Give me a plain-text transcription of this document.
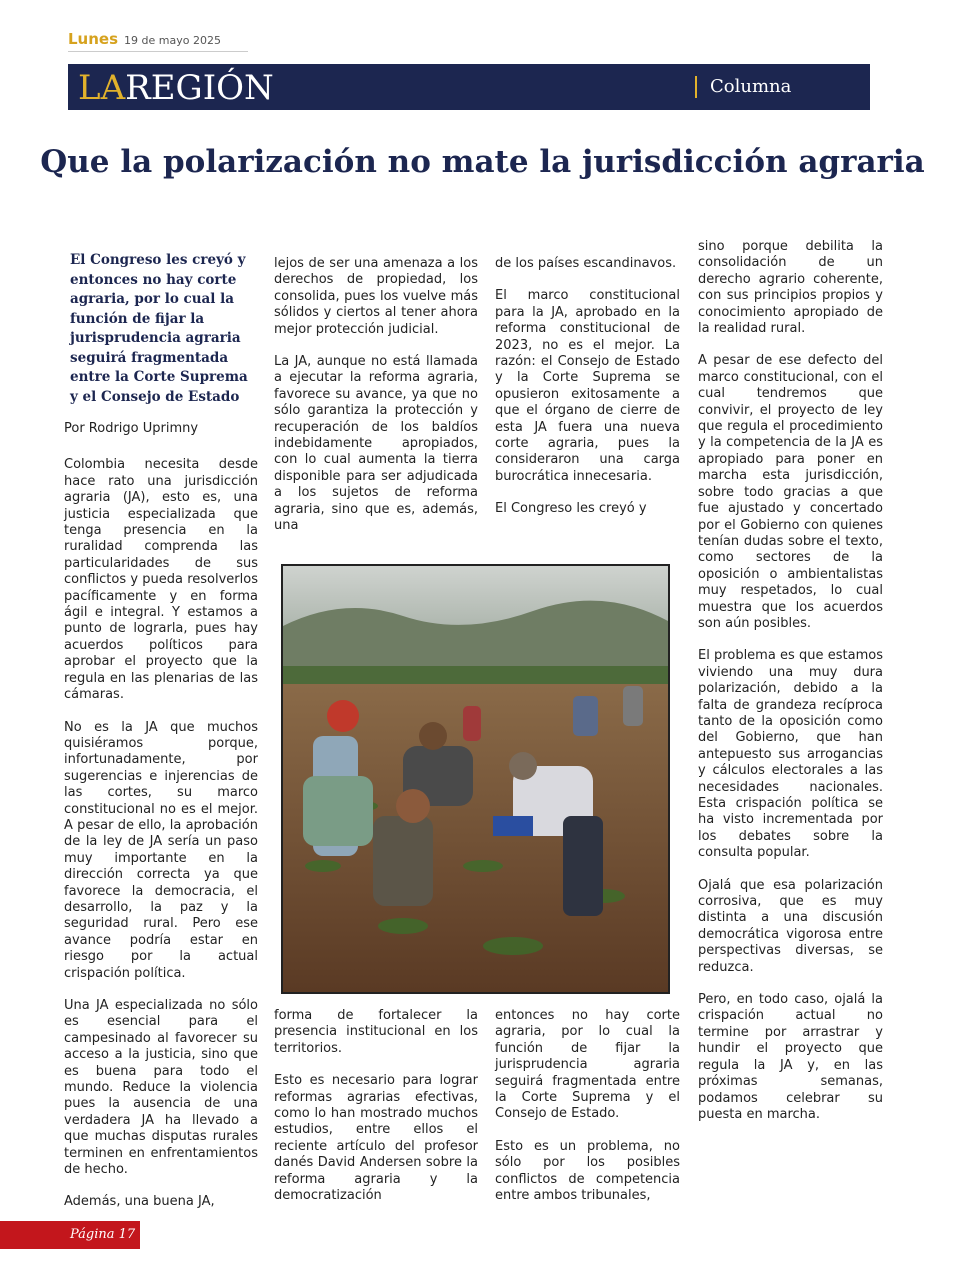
Lunes 19 de mayo 2025
LAREGIÓN	Columna
Que la polarización no mate la jurisdicción agraria

El Congreso les creyó y entonces no hay corte agraria, por lo cual la función de fijar la jurisprudencia agraria seguirá fragmentada entre la Corte Suprema y el Consejo de Estado

Por Rodrigo Uprimny

Colombia necesita desde hace rato una jurisdicción agraria (JA), esto es, una justicia especializada que tenga presencia en la ruralidad comprenda las particularidades de sus conflictos y pueda resolverlos pacíficamente y en forma ágil e integral. Y estamos a punto de lograrla, pues hay acuerdos políticos para aprobar el proyecto que la regula en las plenarias de las cámaras.

No es la JA que muchos quisiéramos porque, infortunadamente, por sugerencias e injerencias de las cortes, su marco constitucional no es el mejor. A pesar de ello, la aprobación de la ley de JA sería un paso muy importante en la dirección correcta ya que favorece la democracia, el desarrollo, la paz y la seguridad rural. Pero ese avance podría estar en riesgo por la actual crispación política.

Una JA especializada no sólo es esencial para el campesinado al favorecer su acceso a la justicia, sino que es buena para todo el mundo. Reduce la violencia pues la ausencia de una verdadera JA ha llevado a que muchas disputas rurales terminen en enfrentamientos de hecho.

Además, una buena JA,

lejos de ser una amenaza a los derechos de propiedad, los consolida, pues los vuelve más sólidos y ciertos al tener ahora mejor protección judicial.

La JA, aunque no está llamada a ejecutar la reforma agraria, favorece su avance, ya que no sólo garantiza la protección y recuperación de los baldíos indebidamente apropiados, con lo cual aumenta la tierra disponible para ser adjudicada a los sujetos de reforma agraria, sino que es, además, una

de los países escandinavos.

El marco constitucional para la JA, aprobado en la reforma constitucional de 2023, no es el mejor. La razón: el Consejo de Estado y la Corte Suprema se opusieron exitosamente a que el órgano de cierre de esta JA fuera una nueva corte agraria, pues la consideraron una carga burocrática innecesaria.

El Congreso les creyó y

sino porque debilita la consolidación de un derecho agrario coherente, con sus principios propios y conocimiento apropiado de la realidad rural.

A pesar de ese defecto del marco constitucional, con el cual tendremos que convivir, el proyecto de ley que regula el procedimiento y la competencia de la JA es apropiado para poner en marcha esta jurisdicción, sobre todo gracias a que fue ajustado y concertado por el Gobierno con quienes tenían dudas sobre el texto, como sectores de la oposición o ambientalistas muy respetados, lo cual muestra que los acuerdos son aún posibles.

El problema es que estamos viviendo una muy dura polarización, debido a la falta de grandeza recíproca tanto de la oposición como del Gobierno, que han antepuesto sus arrogancias y cálculos electorales a las necesidades nacionales. Esta crispación política se ha visto incrementada por los debates sobre la consulta popular.

Ojalá que esa polarización corrosiva, que es muy distinta a una discusión democrática vigorosa entre perspectivas diversas, se reduzca.

Pero, en todo caso, ojalá la crispación actual no termine por arrastrar y hundir el proyecto que regula la JA y, en las próximas semanas, podamos celebrar su puesta en marcha.

forma de fortalecer la presencia institucional en los territorios.

Esto es necesario para lograr reformas agrarias efectivas, como lo han mostrado muchos estudios, entre ellos el reciente artículo del profesor danés David Andersen sobre la reforma agraria y la democratización

entonces no hay corte agraria, por lo cual la función de fijar la jurisprudencia agraria seguirá fragmentada entre la Corte Suprema y el Consejo de Estado.

Esto es un problema, no sólo por los posibles conflictos de competencia entre ambos tribunales,

Página 17
